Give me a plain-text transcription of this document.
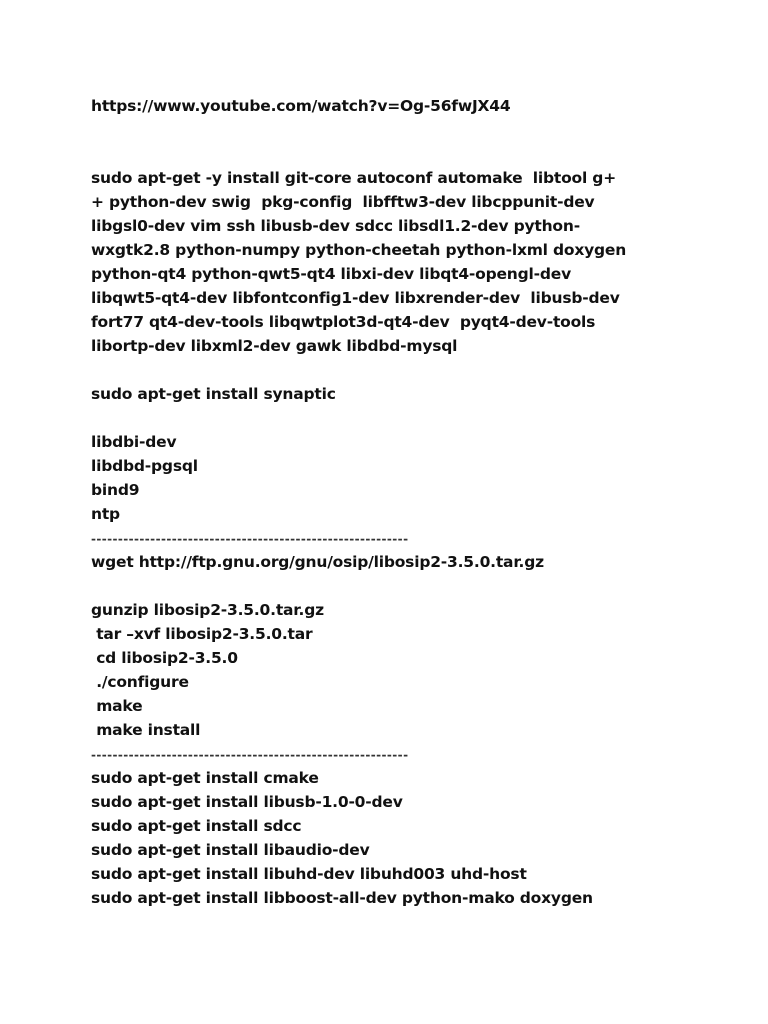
https://www.youtube.com/watch?v=Og-56fwJX44
sudo apt-get -y install git-core autoconf automake  libtool g+
+ python-dev swig  pkg-config  libfftw3-dev libcppunit-dev
libgsl0-dev vim ssh libusb-dev sdcc libsdl1.2-dev python-
wxgtk2.8 python-numpy python-cheetah python-lxml doxygen
python-qt4 python-qwt5-qt4 libxi-dev libqt4-opengl-dev
libqwt5-qt4-dev libfontconfig1-dev libxrender-dev  libusb-dev
fort77 qt4-dev-tools libqwtplot3d-qt4-dev  pyqt4-dev-tools
libortp-dev libxml2-dev gawk libdbd-mysql
sudo apt-get install synaptic
libdbi-dev
libdbd-pgsql
bind9
ntp
-----------------------------------------------------------
wget http://ftp.gnu.org/gnu/osip/libosip2-3.5.0.tar.gz
gunzip libosip2-3.5.0.tar.gz
tar –xvf libosip2-3.5.0.tar
cd libosip2-3.5.0
./configure
make
make install
-----------------------------------------------------------
sudo apt-get install cmake
sudo apt-get install libusb-1.0-0-dev
sudo apt-get install sdcc
sudo apt-get install libaudio-dev
sudo apt-get install libuhd-dev libuhd003 uhd-host
sudo apt-get install libboost-all-dev python-mako doxygen
